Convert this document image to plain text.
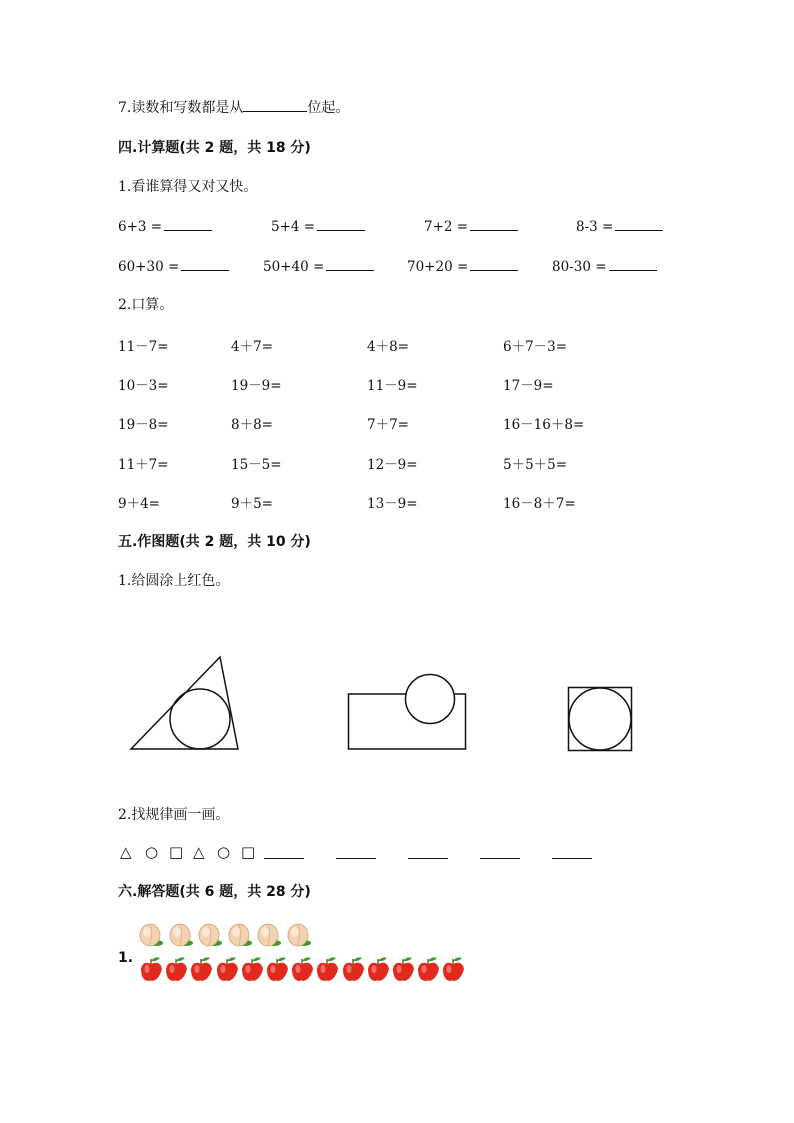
7.读数和写数都是从	位起。
四.计算题(共 2 题，共 18 分)
1.看谁算得又对又快。
6+3 =	5+4 =	7+2 =	8-3 =
60+30 =	50+40 =	70+20 =	80-30 =
2.口算。
11－7=	4＋7=	4＋8=	6＋7－3=
10－3=	19－9=	11－9=	17－9=
19－8=	8＋8=	7＋7=	16－16＋8=
11＋7=	15－5=	12－9=	5＋5＋5=
9＋4=	9＋5=	13－9=	16－8＋7=
五.作图题(共 2 题，共 10 分)
1.给圆涂上红色。
2.找规律画一画。
△ ○ □ △ ○ □
六.解答题(共 6 题，共 28 分)
1.
